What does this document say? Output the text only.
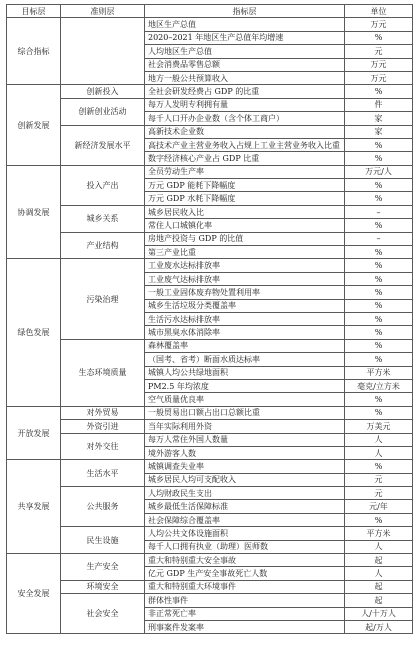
目标层	准则层	指标层	单位
综合指标		地区生产总值	万元
		2020–2021 年地区生产总值年均增速	%
		人均地区生产总值	元
		社会消费品零售总额	万元
		地方一般公共预算收入	万元
创新发展	创新投入	全社会研发经费占 GDP 的比重	%
	创新创业活动	每万人发明专利拥有量	件
		每千人口开办企业数（含个体工商户）	家
	新经济发展水平	高新技术企业数	家
		高技术产业主营业务收入占规上工业主营业务收入比重	%
		数字经济核心产业占 GDP 比重	%
协调发展	投入产出	全员劳动生产率	万元/人
		万元 GDP 能耗下降幅度	%
		万元 GDP 水耗下降幅度	%
	城乡关系	城乡居民收入比	–
		常住人口城镇化率	%
	产业结构	房地产投资与 GDP 的比值	–
		第三产业比重	%
绿色发展	污染治理	工业废水达标排放率	%
		工业废气达标排放率	%
		一般工业固体废弃物处置利用率	%
		城乡生活垃圾分类覆盖率	%
		生活污水达标排放率	%
		城市黑臭水体消除率	%
	生态环境质量	森林覆盖率	%
		（国考、省考）断面水质达标率	%
		城镇人均公共绿地面积	平方米
		PM2.5 年均浓度	毫克/立方米
		空气质量优良率	%
开放发展	对外贸易	一般贸易出口额占出口总额比重	%
	外资引进	当年实际利用外资	万美元
	对外交往	每万人常住外国人数量	人
		境外游客人数	人
共享发展	生活水平	城镇调查失业率	%
		城乡居民人均可支配收入	元
	公共服务	人均财政民生支出	元
		城乡最低生活保障标准	元/年
		社会保障综合覆盖率	%
	民生设施	人均公共文体设施面积	平方米
		每千人口拥有执业（助理）医师数	人
安全发展	生产安全	重大和特别重大安全事故	起
		亿元 GDP 生产安全事故死亡人数	人
	环境安全	重大和特别重大环境事件	起
	社会安全	群体性事件	起
		非正常死亡率	人/十万人
		刑事案件发案率	起/万人
